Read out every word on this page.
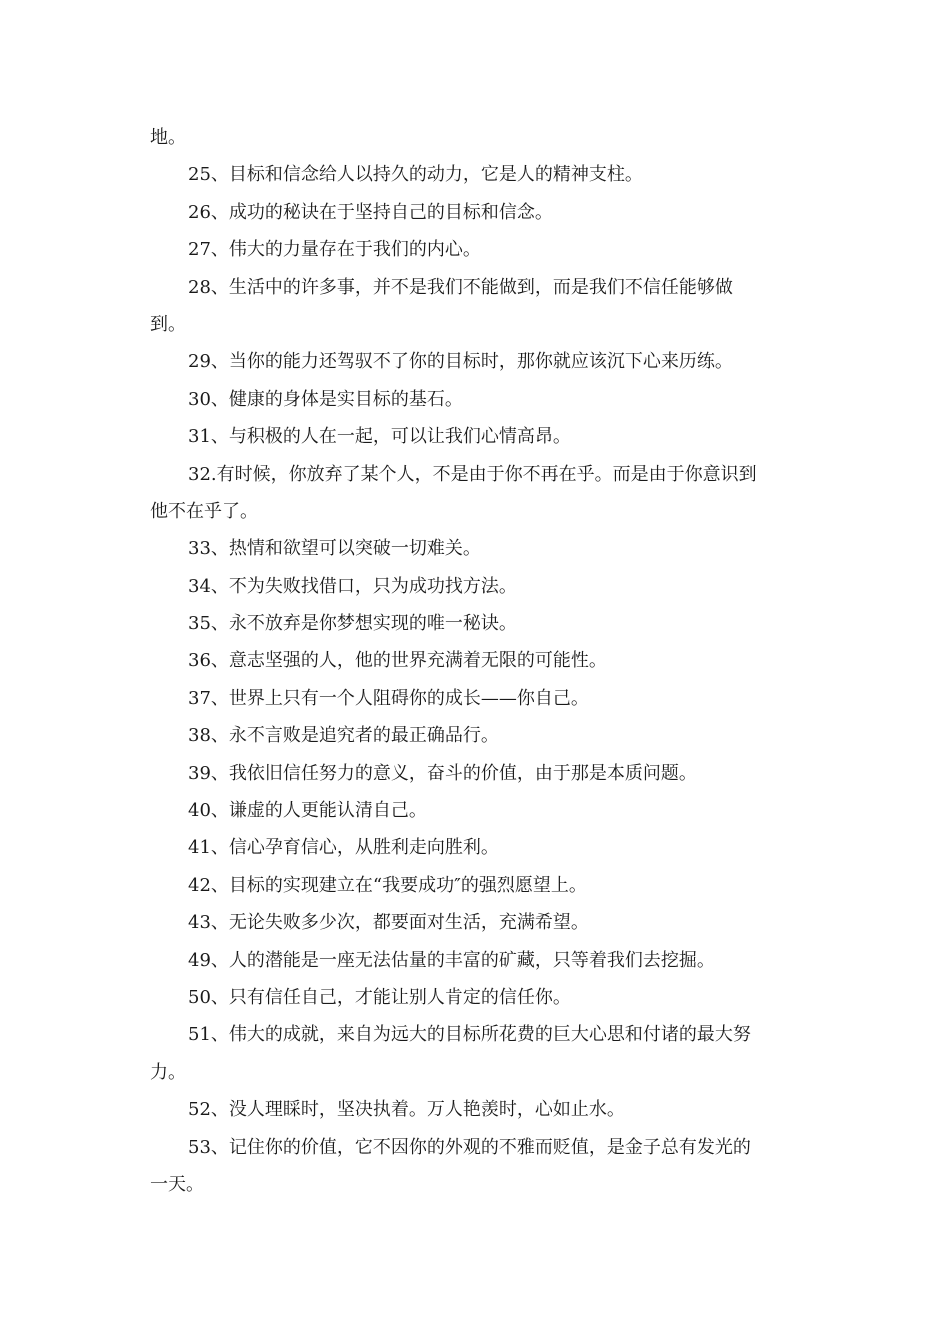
地。
25、目标和信念给人以持久的动力，它是人的精神支柱。
26、成功的秘诀在于坚持自己的目标和信念。
27、伟大的力量存在于我们的内心。
28、生活中的许多事，并不是我们不能做到，而是我们不信任能够做
到。
29、当你的能力还驾驭不了你的目标时，那你就应该沉下心来历练。
30、健康的身体是实目标的基石。
31、与积极的人在一起，可以让我们心情高昂。
32.有时候，你放弃了某个人，不是由于你不再在乎。而是由于你意识到
他不在乎了。
33、热情和欲望可以突破一切难关。
34、不为失败找借口，只为成功找方法。
35、永不放弃是你梦想实现的唯一秘诀。
36、意志坚强的人，他的世界充满着无限的可能性。
37、世界上只有一个人阻碍你的成长——你自己。
38、永不言败是追究者的最正确品行。
39、我依旧信任努力的意义，奋斗的价值，由于那是本质问题。
40、谦虚的人更能认清自己。
41、信心孕育信心，从胜利走向胜利。
42、目标的实现建立在“我要成功″的强烈愿望上。
43、无论失败多少次，都要面对生活，充满希望。
49、人的潜能是一座无法估量的丰富的矿藏，只等着我们去挖掘。
50、只有信任自己，才能让别人肯定的信任你。
51、伟大的成就，来自为远大的目标所花费的巨大心思和付诸的最大努
力。
52、没人理睬时，坚决执着。万人艳羡时，心如止水。
53、记住你的价值，它不因你的外观的不雅而贬值，是金子总有发光的
一天。
